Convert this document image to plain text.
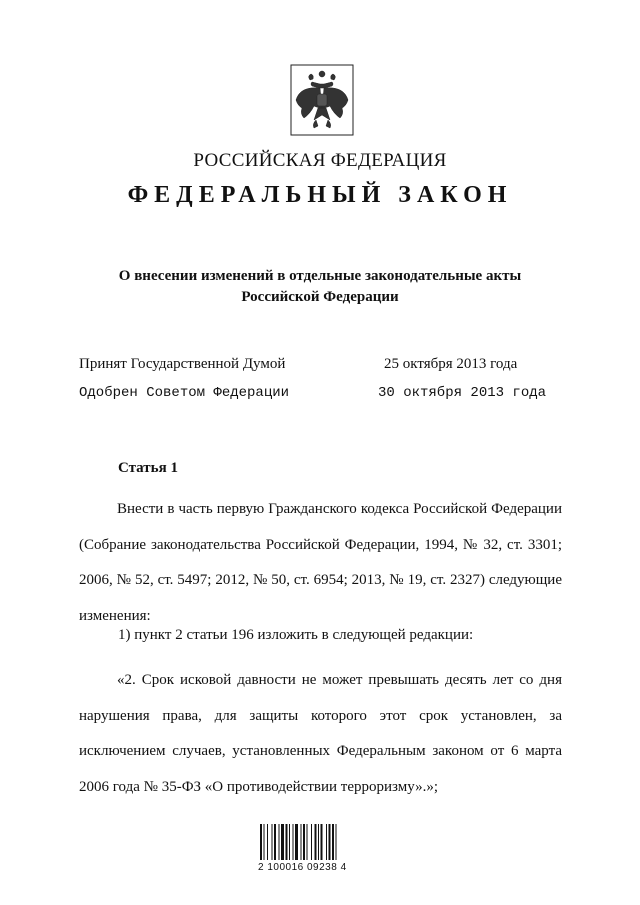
РОССИЙСКАЯ ФЕДЕРАЦИЯ
ФЕДЕРАЛЬНЫЙ ЗАКОН
О внесении изменений в отдельные законодательные акты
Российской Федерации
Принят Государственной Думой	25 октября 2013 года
Одобрен Советом Федерации	30 октября 2013 года
Статья 1
Внести в часть первую Гражданского кодекса Российской Федерации (Собрание законодательства Российской Федерации, 1994, № 32, ст. 3301; 2006, № 52, ст. 5497; 2012, № 50, ст. 6954; 2013, № 19, ст. 2327) следующие изменения:
1) пункт 2 статьи 196 изложить в следующей редакции:
«2. Срок исковой давности не может превышать десять лет со дня нарушения права, для защиты которого этот срок установлен, за исключением случаев, установленных Федеральным законом от 6 марта 2006 года № 35-ФЗ «О противодействии терроризму».»;
2 100016 09238 4
